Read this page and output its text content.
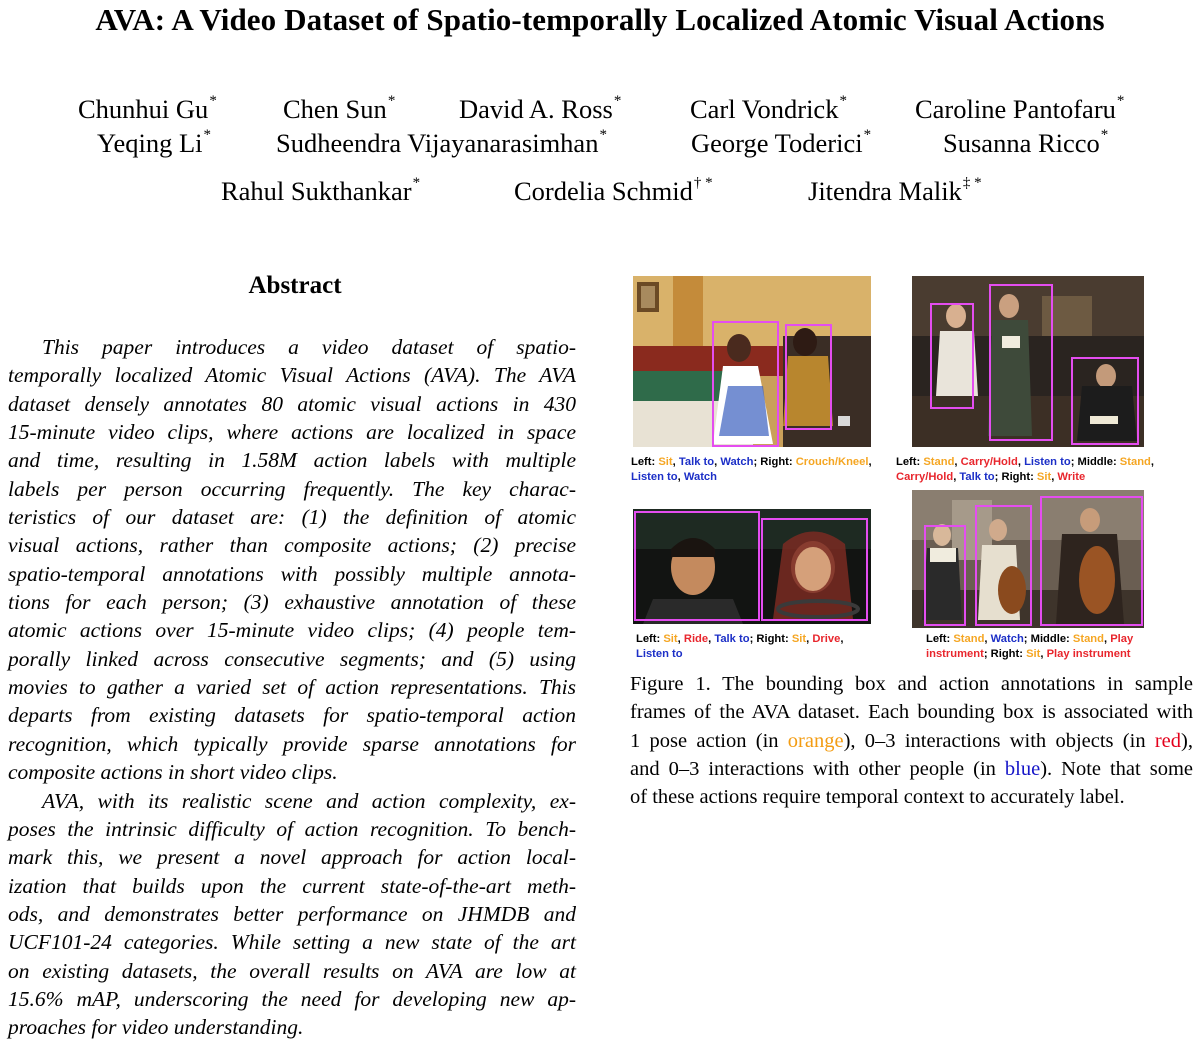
AVA: A Video Dataset of Spatio-temporally Localized Atomic Visual Actions
Chunhui Gu* Chen Sun* David A. Ross*	Carl Vondrick*	Caroline Pantofaru*
Yeqing Li* Sudheendra Vijayanarasimhan*	George Toderici*	Susanna Ricco*
Rahul Sukthankar*	Cordelia Schmid† *	Jitendra Malik‡ *
Abstract
This paper introduces a video dataset of spatio-
temporally localized Atomic Visual Actions (AVA). The AVA
dataset densely annotates 80 atomic visual actions in 430
15-minute video clips, where actions are localized in space
and time, resulting in 1.58M action labels with multiple
labels per person occurring frequently. The key charac-
teristics of our dataset are: (1) the definition of atomic
visual actions, rather than composite actions; (2) precise
spatio-temporal annotations with possibly multiple annota-
tions for each person; (3) exhaustive annotation of these
atomic actions over 15-minute video clips; (4) people tem-
porally linked across consecutive segments; and (5) using
movies to gather a varied set of action representations. This
departs from existing datasets for spatio-temporal action
recognition, which typically provide sparse annotations for
composite actions in short video clips.
AVA, with its realistic scene and action complexity, ex-
poses the intrinsic difficulty of action recognition. To bench-
mark this, we present a novel approach for action local-
ization that builds upon the current state-of-the-art meth-
ods, and demonstrates better performance on JHMDB and
UCF101-24 categories. While setting a new state of the art
on existing datasets, the overall results on AVA are low at
15.6% mAP, underscoring the need for developing new ap-
proaches for video understanding.
Left: Sit, Talk to, Watch; Right: Crouch/Kneel,
Listen to, Watch
Left: Stand, Carry/Hold, Listen to; Middle: Stand,
Carry/Hold, Talk to; Right: Sit, Write
Left: Sit, Ride, Talk to; Right: Sit, Drive,
Listen to
Left: Stand, Watch; Middle: Stand, Play
instrument; Right: Sit, Play instrument
Figure 1. The bounding box and action annotations in sample
frames of the AVA dataset. Each bounding box is associated with
1 pose action (in orange), 0–3 interactions with objects (in red),
and 0–3 interactions with other people (in blue). Note that some
of these actions require temporal context to accurately label.
